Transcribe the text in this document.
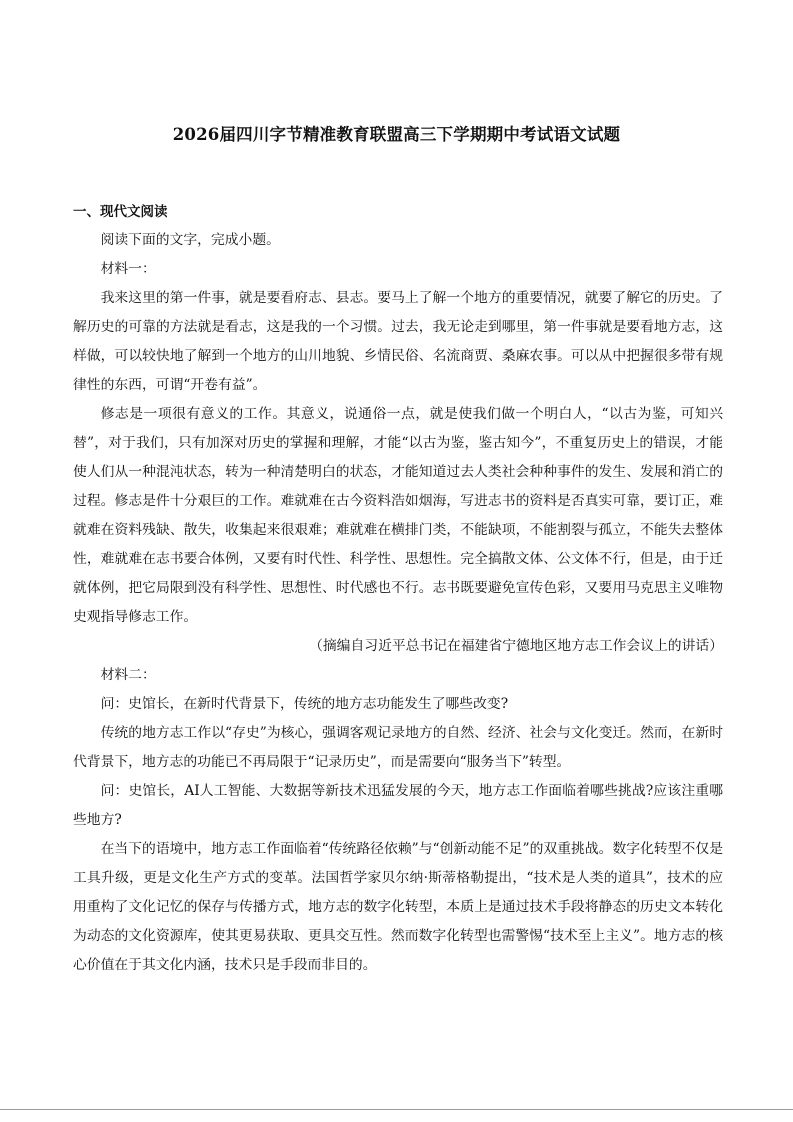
2026届四川字节精准教育联盟高三下学期期中考试语文试题
一、现代文阅读

阅读下面的文字，完成小题。

材料一：

我来这里的第一件事，就是要看府志、县志。要马上了解一个地方的重要情况，就要了解它的历史。了解历史的可靠的方法就是看志，这是我的一个习惯。过去，我无论走到哪里，第一件事就是要看地方志，这样做，可以较快地了解到一个地方的山川地貌、乡情民俗、名流商贾、桑麻农事。可以从中把握很多带有规律性的东西，可谓“开卷有益”。

修志是一项很有意义的工作。其意义，说通俗一点，就是使我们做一个明白人，“以古为鉴，可知兴替”，对于我们，只有加深对历史的掌握和理解，才能“以古为鉴，鉴古知今”，不重复历史上的错误，才能使人们从一种混沌状态，转为一种清楚明白的状态，才能知道过去人类社会种种事件的发生、发展和消亡的过程。修志是件十分艰巨的工作。难就难在古今资料浩如烟海，写进志书的资料是否真实可靠，要订正，难就难在资料残缺、散失，收集起来很艰难；难就难在横排门类，不能缺项，不能割裂与孤立，不能失去整体性，难就难在志书要合体例，又要有时代性、科学性、思想性。完全搞散文体、公文体不行，但是，由于迁就体例，把它局限到没有科学性、思想性、时代感也不行。志书既要避免宣传色彩，又要用马克思主义唯物史观指导修志工作。

（摘编自习近平总书记在福建省宁德地区地方志工作会议上的讲话）

材料二：

问：史馆长，在新时代背景下，传统的地方志功能发生了哪些改变?

传统的地方志工作以“存史”为核心，强调客观记录地方的自然、经济、社会与文化变迁。然而，在新时代背景下，地方志的功能已不再局限于“记录历史”，而是需要向“服务当下”转型。

问：史馆长，AI人工智能、大数据等新技术迅猛发展的今天，地方志工作面临着哪些挑战?应该注重哪些地方?

在当下的语境中，地方志工作面临着“传统路径依赖”与“创新动能不足”的双重挑战。数字化转型不仅是工具升级，更是文化生产方式的变革。法国哲学家贝尔纳·斯蒂格勒提出，“技术是人类的道具”，技术的应用重构了文化记忆的保存与传播方式，地方志的数字化转型，本质上是通过技术手段将静态的历史文本转化为动态的文化资源库，使其更易获取、更具交互性。然而数字化转型也需警惕“技术至上主义”。地方志的核心价值在于其文化内涵，技术只是手段而非目的。
